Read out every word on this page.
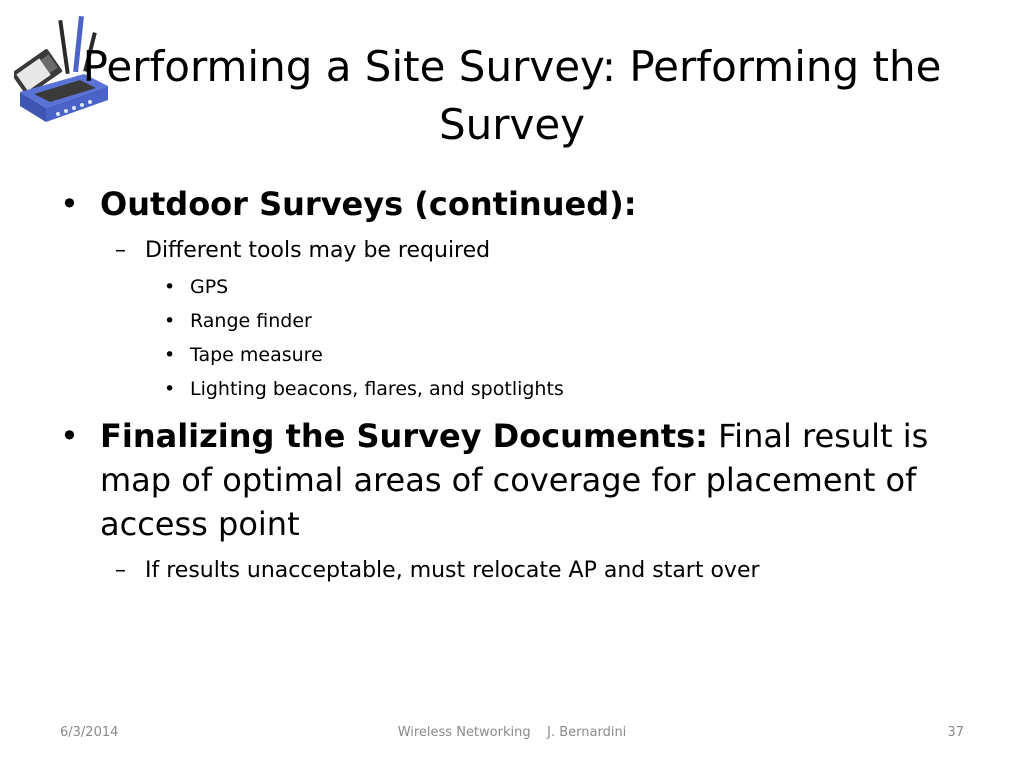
Performing a Site Survey: Performing the Survey
• Outdoor Surveys (continued):
– Different tools may be required
• GPS
• Range finder
• Tape measure
• Lighting beacons, flares, and spotlights
• Finalizing the Survey Documents: Final result is map of optimal areas of coverage for placement of access point
– If results unacceptable, must relocate AP and start over
6/3/2014	Wireless Networking    J. Bernardini	37
